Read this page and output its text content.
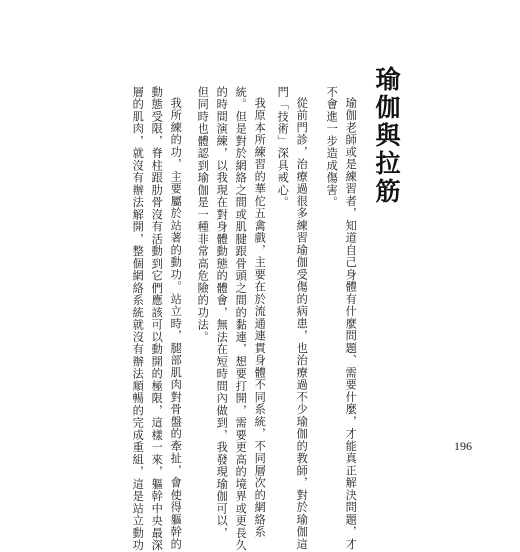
瑜伽與拉筋
瑜伽老師或是練習者，知道自己身體有什麼問題、需要什麼，才能真正解決問題，才
不會進一步造成傷害。
從前門診，治療過很多練習瑜伽受傷的病患，也治療過不少瑜伽的教師，對於瑜伽這
門「技術」深具戒心。
我原本所練習的華佗五禽戲，主要在於流通連貫身體不同系統，不同層次的網絡系
統。但是對於網絡之間或肌腱跟骨頭之間的黏連，想要打開，需要更高的境界或更長久
的時間演練，以我現在對身體動態的體會，無法在短時間內做到，我發現瑜伽可以，
但同時也體認到瑜伽是一種非常高危險的功法。
我所練的功，主要屬於站著的動功。站立時，腿部肌肉對骨盤的牽扯，會使得軀幹的
動態受限，脊柱跟肋骨沒有活動到它們應該可以動開的極限，這樣一來，軀幹中央最深
層的肌肉，就沒有辦法解開，整個網絡系統就沒有辦法順暢的完成重組，這是站立動功	196
